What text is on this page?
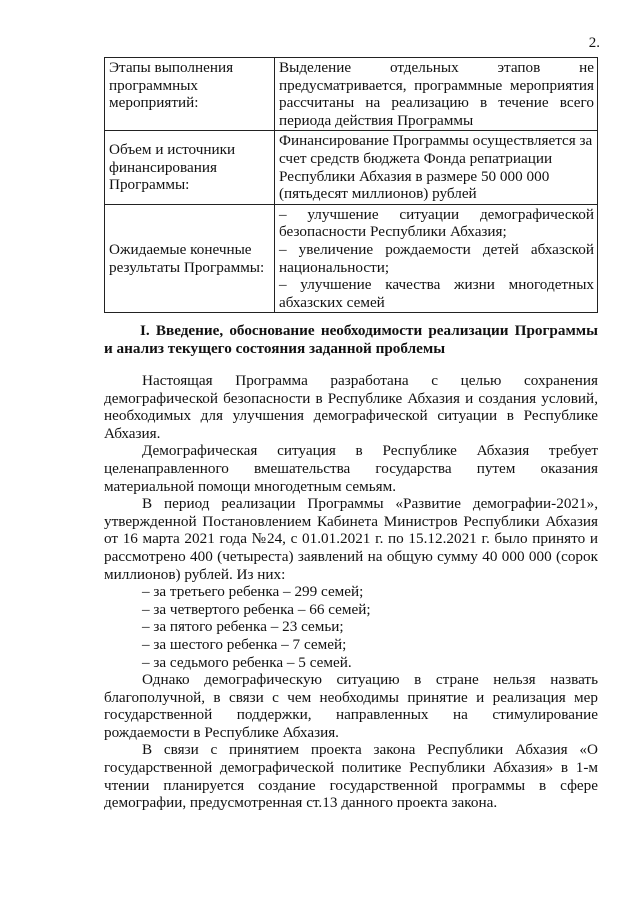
2.
Этапы выполнения программных мероприятий:	Выделение отдельных этапов не предусматривается, программные мероприятия рассчитаны на реализацию в течение всего периода действия Программы
Объем и источники финансирования Программы:	Финансирование Программы осуществляется за счет средств бюджета Фонда репатриации Республики Абхазия в размере 50 000 000 (пятьдесят миллионов) рублей
Ожидаемые конечные результаты Программы:	– улучшение ситуации демографической безопасности Республики Абхазия;
– увеличение рождаемости детей абхазской национальности;
– улучшение качества жизни многодетных абхазских семей
I. Введение, обоснование необходимости реализации Программы
и анализ текущего состояния заданной проблемы

Настоящая Программа разработана с целью сохранения демографической безопасности в Республике Абхазия и создания условий, необходимых для улучшения демографической ситуации в Республике Абхазия.

Демографическая ситуация в Республике Абхазия требует целенаправленного вмешательства государства путем оказания материальной помощи многодетным семьям.

В период реализации Программы «Развитие демографии-2021», утвержденной Постановлением Кабинета Министров Республики Абхазия от 16 марта 2021 года №24, с 01.01.2021 г. по 15.12.2021 г. было принято и рассмотрено 400 (четыреста) заявлений на общую сумму 40 000 000 (сорок миллионов) рублей. Из них:

– за третьего ребенка – 299 семей;
– за четвертого ребенка – 66 семей;
– за пятого ребенка – 23 семьи;
– за шестого ребенка – 7 семей;
– за седьмого ребенка – 5 семей.

Однако демографическую ситуацию в стране нельзя назвать благополучной, в связи с чем необходимы принятие и реализация мер государственной поддержки, направленных на стимулирование рождаемости в Республике Абхазия.

В связи с принятием проекта закона Республики Абхазия «О государственной демографической политике Республики Абхазия» в 1-м чтении планируется создание государственной программы в сфере демографии, предусмотренная ст.13 данного проекта закона.
